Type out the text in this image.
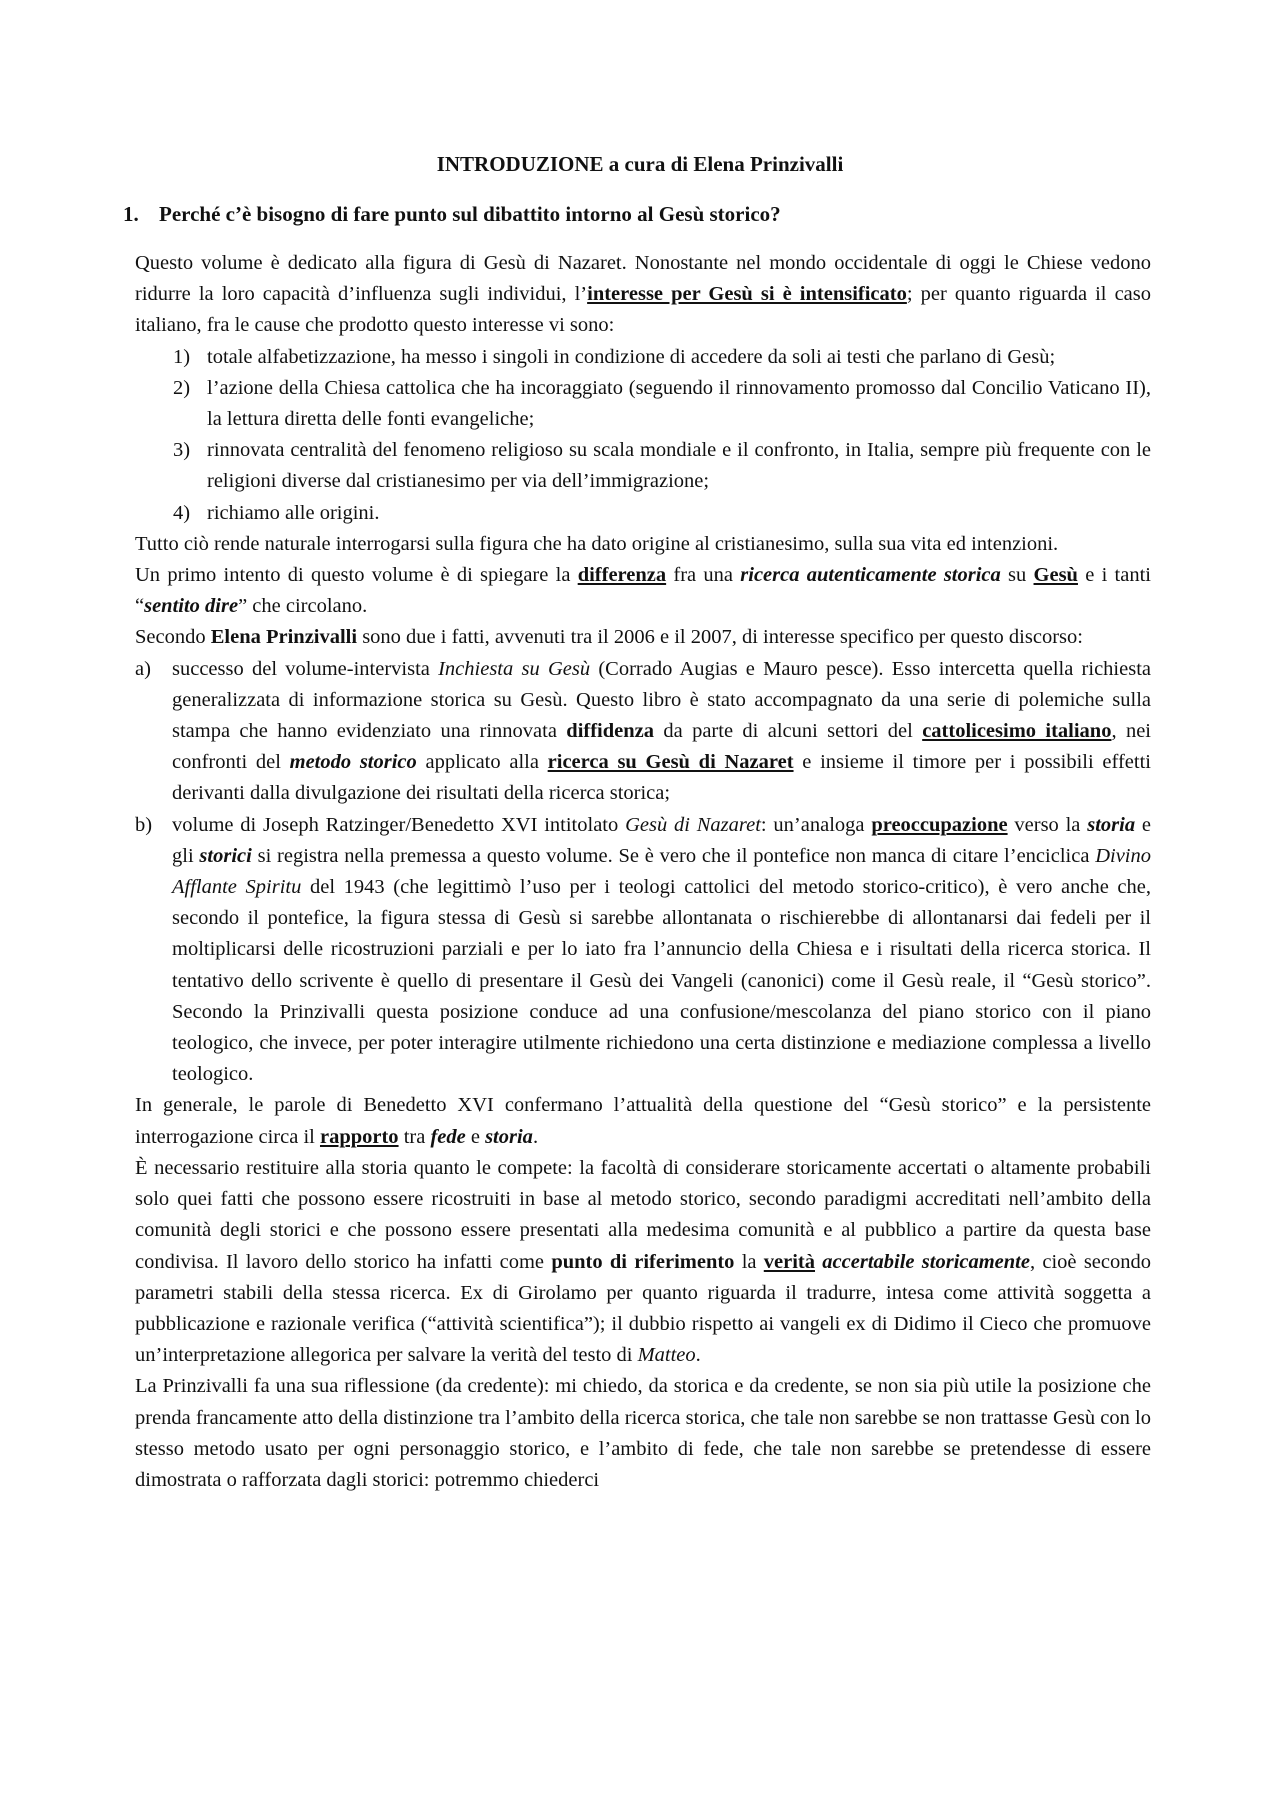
INTRODUZIONE a cura di Elena Prinzivalli
1. Perché c’è bisogno di fare punto sul dibattito intorno al Gesù storico?

Questo volume è dedicato alla figura di Gesù di Nazaret. Nonostante nel mondo occidentale di oggi le Chiese vedono ridurre la loro capacità d’influenza sugli individui, l’interesse per Gesù si è intensificato; per quanto riguarda il caso italiano, fra le cause che prodotto questo interesse vi sono:

1) totale alfabetizzazione, ha messo i singoli in condizione di accedere da soli ai testi che parlano di Gesù;
2) l’azione della Chiesa cattolica che ha incoraggiato (seguendo il rinnovamento promosso dal Concilio Vaticano II), la lettura diretta delle fonti evangeliche;
3) rinnovata centralità del fenomeno religioso su scala mondiale e il confronto, in Italia, sempre più frequente con le religioni diverse dal cristianesimo per via dell’immigrazione;
4) richiamo alle origini.

Tutto ciò rende naturale interrogarsi sulla figura che ha dato origine al cristianesimo, sulla sua vita ed intenzioni.

Un primo intento di questo volume è di spiegare la differenza fra una ricerca autenticamente storica su Gesù e i tanti “sentito dire” che circolano.

Secondo Elena Prinzivalli sono due i fatti, avvenuti tra il 2006 e il 2007, di interesse specifico per questo discorso:

a) successo del volume-intervista Inchiesta su Gesù (Corrado Augias e Mauro pesce). Esso intercetta quella richiesta generalizzata di informazione storica su Gesù. Questo libro è stato accompagnato da una serie di polemiche sulla stampa che hanno evidenziato una rinnovata diffidenza da parte di alcuni settori del cattolicesimo italiano, nei confronti del metodo storico applicato alla ricerca su Gesù di Nazaret e insieme il timore per i possibili effetti derivanti dalla divulgazione dei risultati della ricerca storica;
b) volume di Joseph Ratzinger/Benedetto XVI intitolato Gesù di Nazaret: un’analoga preoccupazione verso la storia e gli storici si registra nella premessa a questo volume. Se è vero che il pontefice non manca di citare l’enciclica Divino Afflante Spiritu del 1943 (che legittimò l’uso per i teologi cattolici del metodo storico-critico), è vero anche che, secondo il pontefice, la figura stessa di Gesù si sarebbe allontanata o rischierebbe di allontanarsi dai fedeli per il moltiplicarsi delle ricostruzioni parziali e per lo iato fra l’annuncio della Chiesa e i risultati della ricerca storica. Il tentativo dello scrivente è quello di presentare il Gesù dei Vangeli (canonici) come il Gesù reale, il “Gesù storico”. Secondo la Prinzivalli questa posizione conduce ad una confusione/mescolanza del piano storico con il piano teologico, che invece, per poter interagire utilmente richiedono una certa distinzione e mediazione complessa a livello teologico.

In generale, le parole di Benedetto XVI confermano l’attualità della questione del “Gesù storico” e la persistente interrogazione circa il rapporto tra fede e storia.

È necessario restituire alla storia quanto le compete: la facoltà di considerare storicamente accertati o altamente probabili solo quei fatti che possono essere ricostruiti in base al metodo storico, secondo paradigmi accreditati nell’ambito della comunità degli storici e che possono essere presentati alla medesima comunità e al pubblico a partire da questa base condivisa. Il lavoro dello storico ha infatti come punto di riferimento la verità accertabile storicamente, cioè secondo parametri stabili della stessa ricerca. Ex di Girolamo per quanto riguarda il tradurre, intesa come attività soggetta a pubblicazione e razionale verifica (“attività scientifica”); il dubbio rispetto ai vangeli ex di Didimo il Cieco che promuove un’interpretazione allegorica per salvare la verità del testo di Matteo.

La Prinzivalli fa una sua riflessione (da credente): mi chiedo, da storica e da credente, se non sia più utile la posizione che prenda francamente atto della distinzione tra l’ambito della ricerca storica, che tale non sarebbe se non trattasse Gesù con lo stesso metodo usato per ogni personaggio storico, e l’ambito di fede, che tale non sarebbe se pretendesse di essere dimostrata o rafforzata dagli storici: potremmo chiederci
